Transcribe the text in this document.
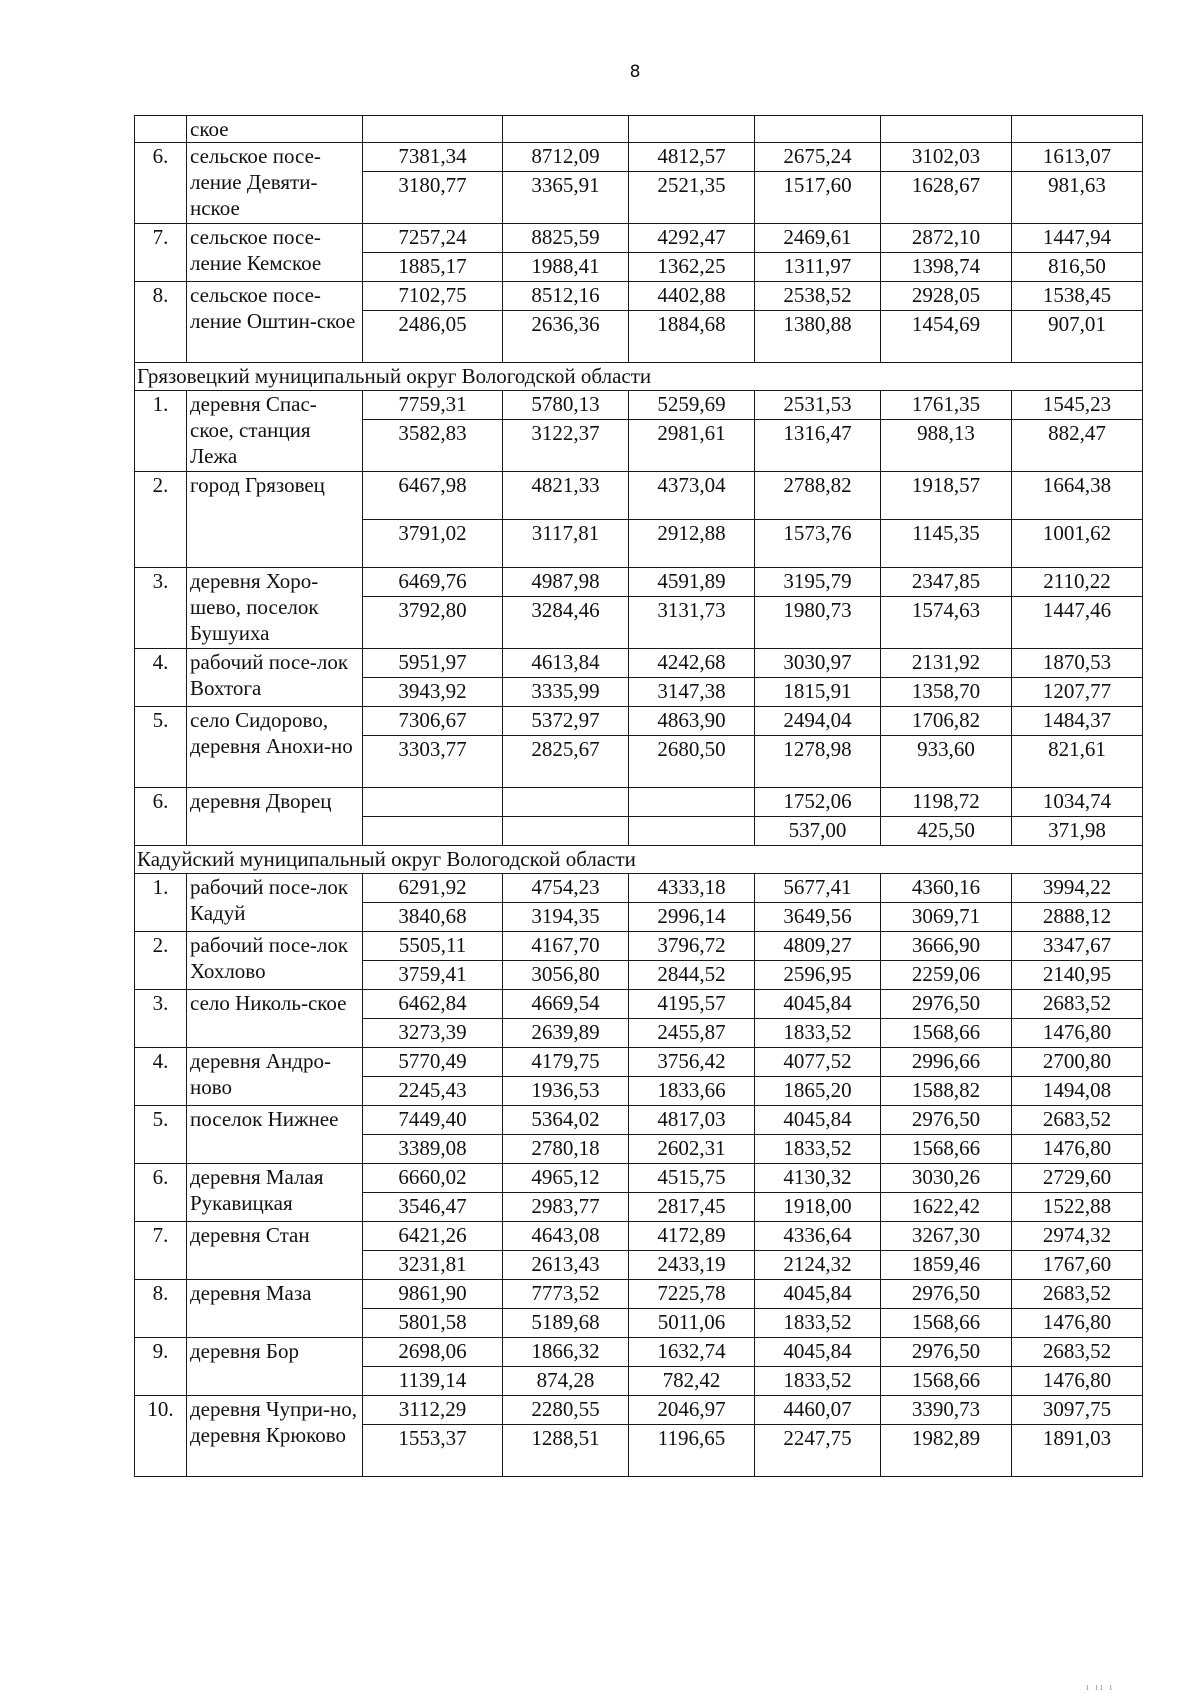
8
	ское						
6.	сельское посе-ление Девяти-нское	7381,34	8712,09	4812,57	2675,24	3102,03	1613,07
		3180,77	3365,91	2521,35	1517,60	1628,67	981,63
7.	сельское посе-ление Кемское	7257,24	8825,59	4292,47	2469,61	2872,10	1447,94
		1885,17	1988,41	1362,25	1311,97	1398,74	816,50
8.	сельское посе-ление Оштин-ское	7102,75	8512,16	4402,88	2538,52	2928,05	1538,45
		2486,05	2636,36	1884,68	1380,88	1454,69	907,01
Грязовецкий муниципальный округ Вологодской области							
1.	деревня Спас-ское, станция Лежа	7759,31	5780,13	5259,69	2531,53	1761,35	1545,23
		3582,83	3122,37	2981,61	1316,47	988,13	882,47
2.	город Грязовец	6467,98	4821,33	4373,04	2788,82	1918,57	1664,38
		3791,02	3117,81	2912,88	1573,76	1145,35	1001,62
3.	деревня Хоро-шево, поселок Бушуиха	6469,76	4987,98	4591,89	3195,79	2347,85	2110,22
		3792,80	3284,46	3131,73	1980,73	1574,63	1447,46
4.	рабочий посе-лок Вохтога	5951,97	4613,84	4242,68	3030,97	2131,92	1870,53
		3943,92	3335,99	3147,38	1815,91	1358,70	1207,77
5.	село Сидорово, деревня Анохи-но	7306,67	5372,97	4863,90	2494,04	1706,82	1484,37
		3303,77	2825,67	2680,50	1278,98	933,60	821,61
6.	деревня Дворец				1752,06	1198,72	1034,74
					537,00	425,50	371,98
Кадуйский муниципальный округ Вологодской области							
1.	рабочий посе-лок Кадуй	6291,92	4754,23	4333,18	5677,41	4360,16	3994,22
		3840,68	3194,35	2996,14	3649,56	3069,71	2888,12
2.	рабочий посе-лок Хохлово	5505,11	4167,70	3796,72	4809,27	3666,90	3347,67
		3759,41	3056,80	2844,52	2596,95	2259,06	2140,95
3.	село Николь-ское	6462,84	4669,54	4195,57	4045,84	2976,50	2683,52
		3273,39	2639,89	2455,87	1833,52	1568,66	1476,80
4.	деревня Андро-ново	5770,49	4179,75	3756,42	4077,52	2996,66	2700,80
		2245,43	1936,53	1833,66	1865,20	1588,82	1494,08
5.	поселок Нижнее	7449,40	5364,02	4817,03	4045,84	2976,50	2683,52
		3389,08	2780,18	2602,31	1833,52	1568,66	1476,80
6.	деревня Малая Рукавицкая	6660,02	4965,12	4515,75	4130,32	3030,26	2729,60
		3546,47	2983,77	2817,45	1918,00	1622,42	1522,88
7.	деревня Стан	6421,26	4643,08	4172,89	4336,64	3267,30	2974,32
		3231,81	2613,43	2433,19	2124,32	1859,46	1767,60
8.	деревня Маза	9861,90	7773,52	7225,78	4045,84	2976,50	2683,52
		5801,58	5189,68	5011,06	1833,52	1568,66	1476,80
9.	деревня Бор	2698,06	1866,32	1632,74	4045,84	2976,50	2683,52
		1139,14	874,28	782,42	1833,52	1568,66	1476,80
10.	деревня Чупри-но, деревня Крюково	3112,29	2280,55	2046,97	4460,07	3390,73	3097,75
		1553,37	1288,51	1196,65	2247,75	1982,89	1891,03
ı ıı ı
